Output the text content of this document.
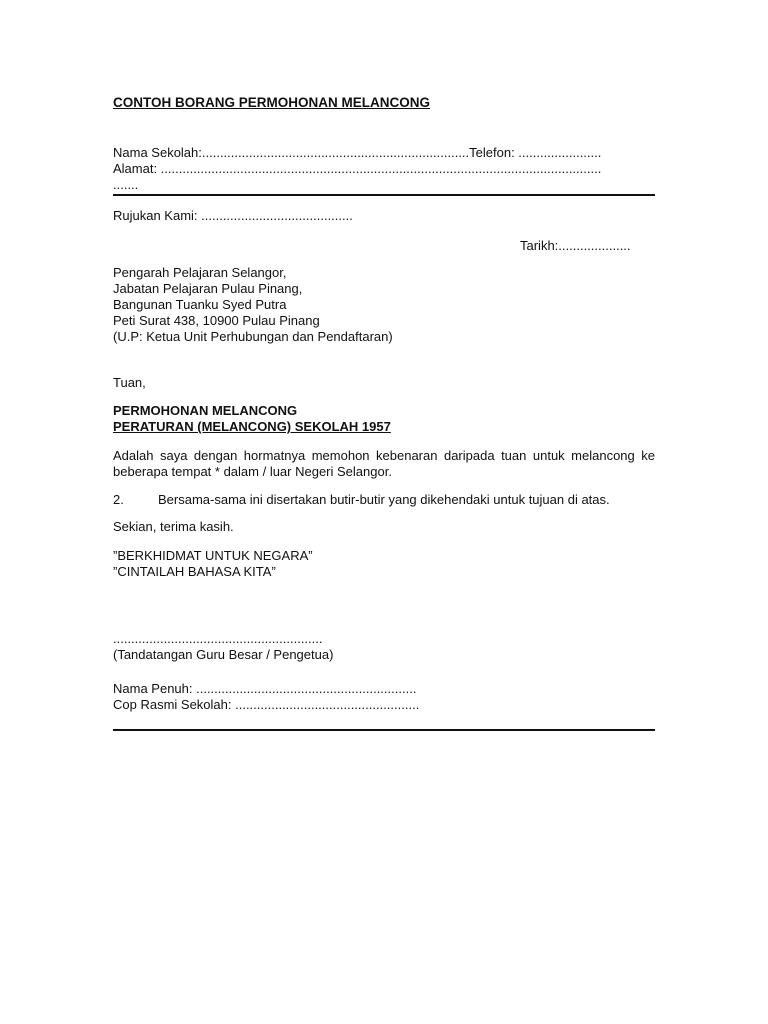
CONTOH BORANG PERMOHONAN MELANCONG
Nama Sekolah:..........................................................................Telefon: .......................
Alamat: ..........................................................................................................................
.......
Rujukan Kami: ..........................................
Tarikh:....................
Pengarah Pelajaran Selangor,
Jabatan Pelajaran Pulau Pinang,
Bangunan Tuanku Syed Putra
Peti Surat 438, 10900 Pulau Pinang
(U.P: Ketua Unit Perhubungan dan Pendaftaran)
Tuan,
PERMOHONAN MELANCONG
PERATURAN (MELANCONG) SEKOLAH 1957
Adalah saya dengan hormatnya memohon kebenaran daripada tuan untuk melancong ke beberapa tempat * dalam / luar Negeri Selangor.
2.	Bersama-sama ini disertakan butir-butir yang dikehendaki untuk tujuan di atas.
Sekian, terima kasih.
”BERKHIDMAT UNTUK NEGARA”
”CINTAILAH BAHASA KITA”
..........................................................
(Tandatangan Guru Besar / Pengetua)
Nama Penuh: .............................................................
Cop Rasmi Sekolah: ...................................................
